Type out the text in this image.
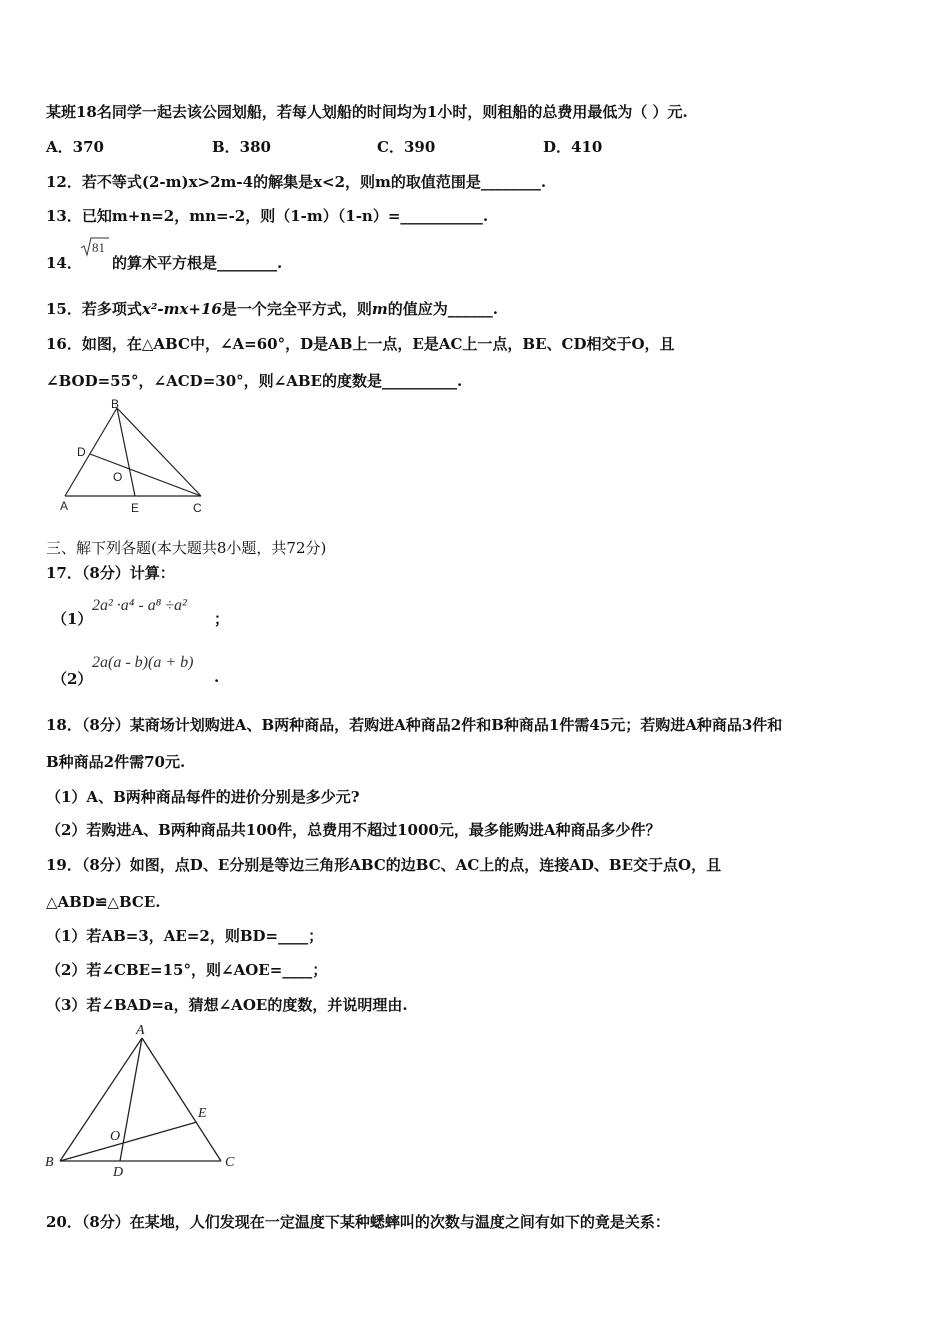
某班18名同学一起去该公园划船，若每人划船的时间均为1小时，则租船的总费用最低为（ ）元.
A．370	B．380	C．390	D．410
12．若不等式(2-m)x>2m-4的解集是x<2，则m的取值范围是________.
13．已知m+n=2，mn=-2，则（1-m）（1-n）=___________.
14．
81
的算术平方根是________.
15．若多项式x²-mx+16是一个完全平方式，则m的值应为______.
16．如图，在△ABC中，∠A=60°，D是AB上一点，E是AC上一点，BE、CD相交于O，且
∠BOD=55°，∠ACD=30°，则∠ABE的度数是__________.
B
D
O
A	E	C
三、解下列各题(本大题共8小题，共72分)
17．（8分）计算：
（1）
2a² ·a⁴ - a⁸ ÷a²
；
（2）
2a(a - b)(a + b)
.
18．（8分）某商场计划购进A、B两种商品，若购进A种商品2件和B种商品1件需45元；若购进A种商品3件和
B种商品2件需70元.
（1）A、B两种商品每件的进价分别是多少元?
（2）若购进A、B两种商品共100件，总费用不超过1000元，最多能购进A种商品多少件？
19．（8分）如图，点D、E分别是等边三角形ABC的边BC、AC上的点，连接AD、BE交于点O，且
△ABD≌△BCE.
（1）若AB=3，AE=2，则BD=____；
（2）若∠CBE=15°，则∠AOE=____；
（3）若∠BAD=a，猜想∠AOE的度数，并说明理由.
A
E
O
B
D
C
20．（8分）在某地，人们发现在一定温度下某种蟋蟀叫的次数与温度之间有如下的竟是关系：
